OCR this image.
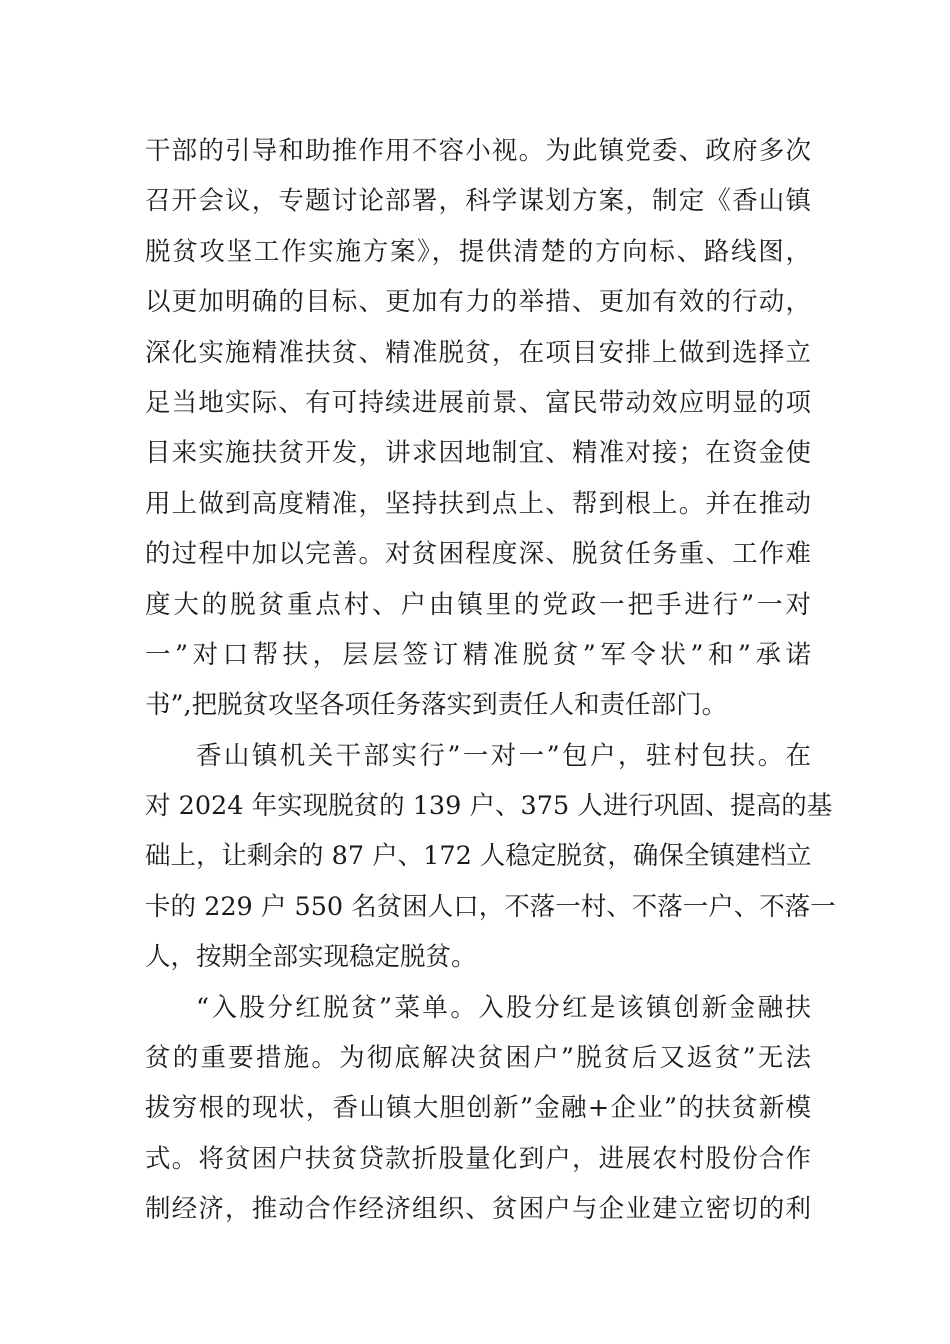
干部的引导和助推作用不容小视。为此镇党委、政府多次
召开会议，专题讨论部署，科学谋划方案，制定《香山镇
脱贫攻坚工作实施方案》，提供清楚的方向标、路线图，
以更加明确的目标、更加有力的举措、更加有效的行动，
深化实施精准扶贫、精准脱贫，在项目安排上做到选择立
足当地实际、有可持续进展前景、富民带动效应明显的项
目来实施扶贫开发，讲求因地制宜、精准对接；在资金使
用上做到高度精准，坚持扶到点上、帮到根上。并在推动
的过程中加以完善。对贫困程度深、脱贫任务重、工作难
度大的脱贫重点村、户由镇里的党政一把手进行”一对
一”对口帮扶，层层签订精准脱贫”军令状”和”承诺
书”,把脱贫攻坚各项任务落实到责任人和责任部门。
香山镇机关干部实行”一对一”包户，驻村包扶。在
对 2024 年实现脱贫的 139 户、375 人进行巩固、提高的基
础上，让剩余的 87 户、172 人稳定脱贫，确保全镇建档立
卡的 229 户 550 名贫困人口，不落一村、不落一户、不落一
人，按期全部实现稳定脱贫。
“入股分红脱贫”菜单。入股分红是该镇创新金融扶
贫的重要措施。为彻底解决贫困户”脱贫后又返贫”无法
拔穷根的现状，香山镇大胆创新”金融+企业”的扶贫新模
式。将贫困户扶贫贷款折股量化到户，进展农村股份合作
制经济，推动合作经济组织、贫困户与企业建立密切的利
